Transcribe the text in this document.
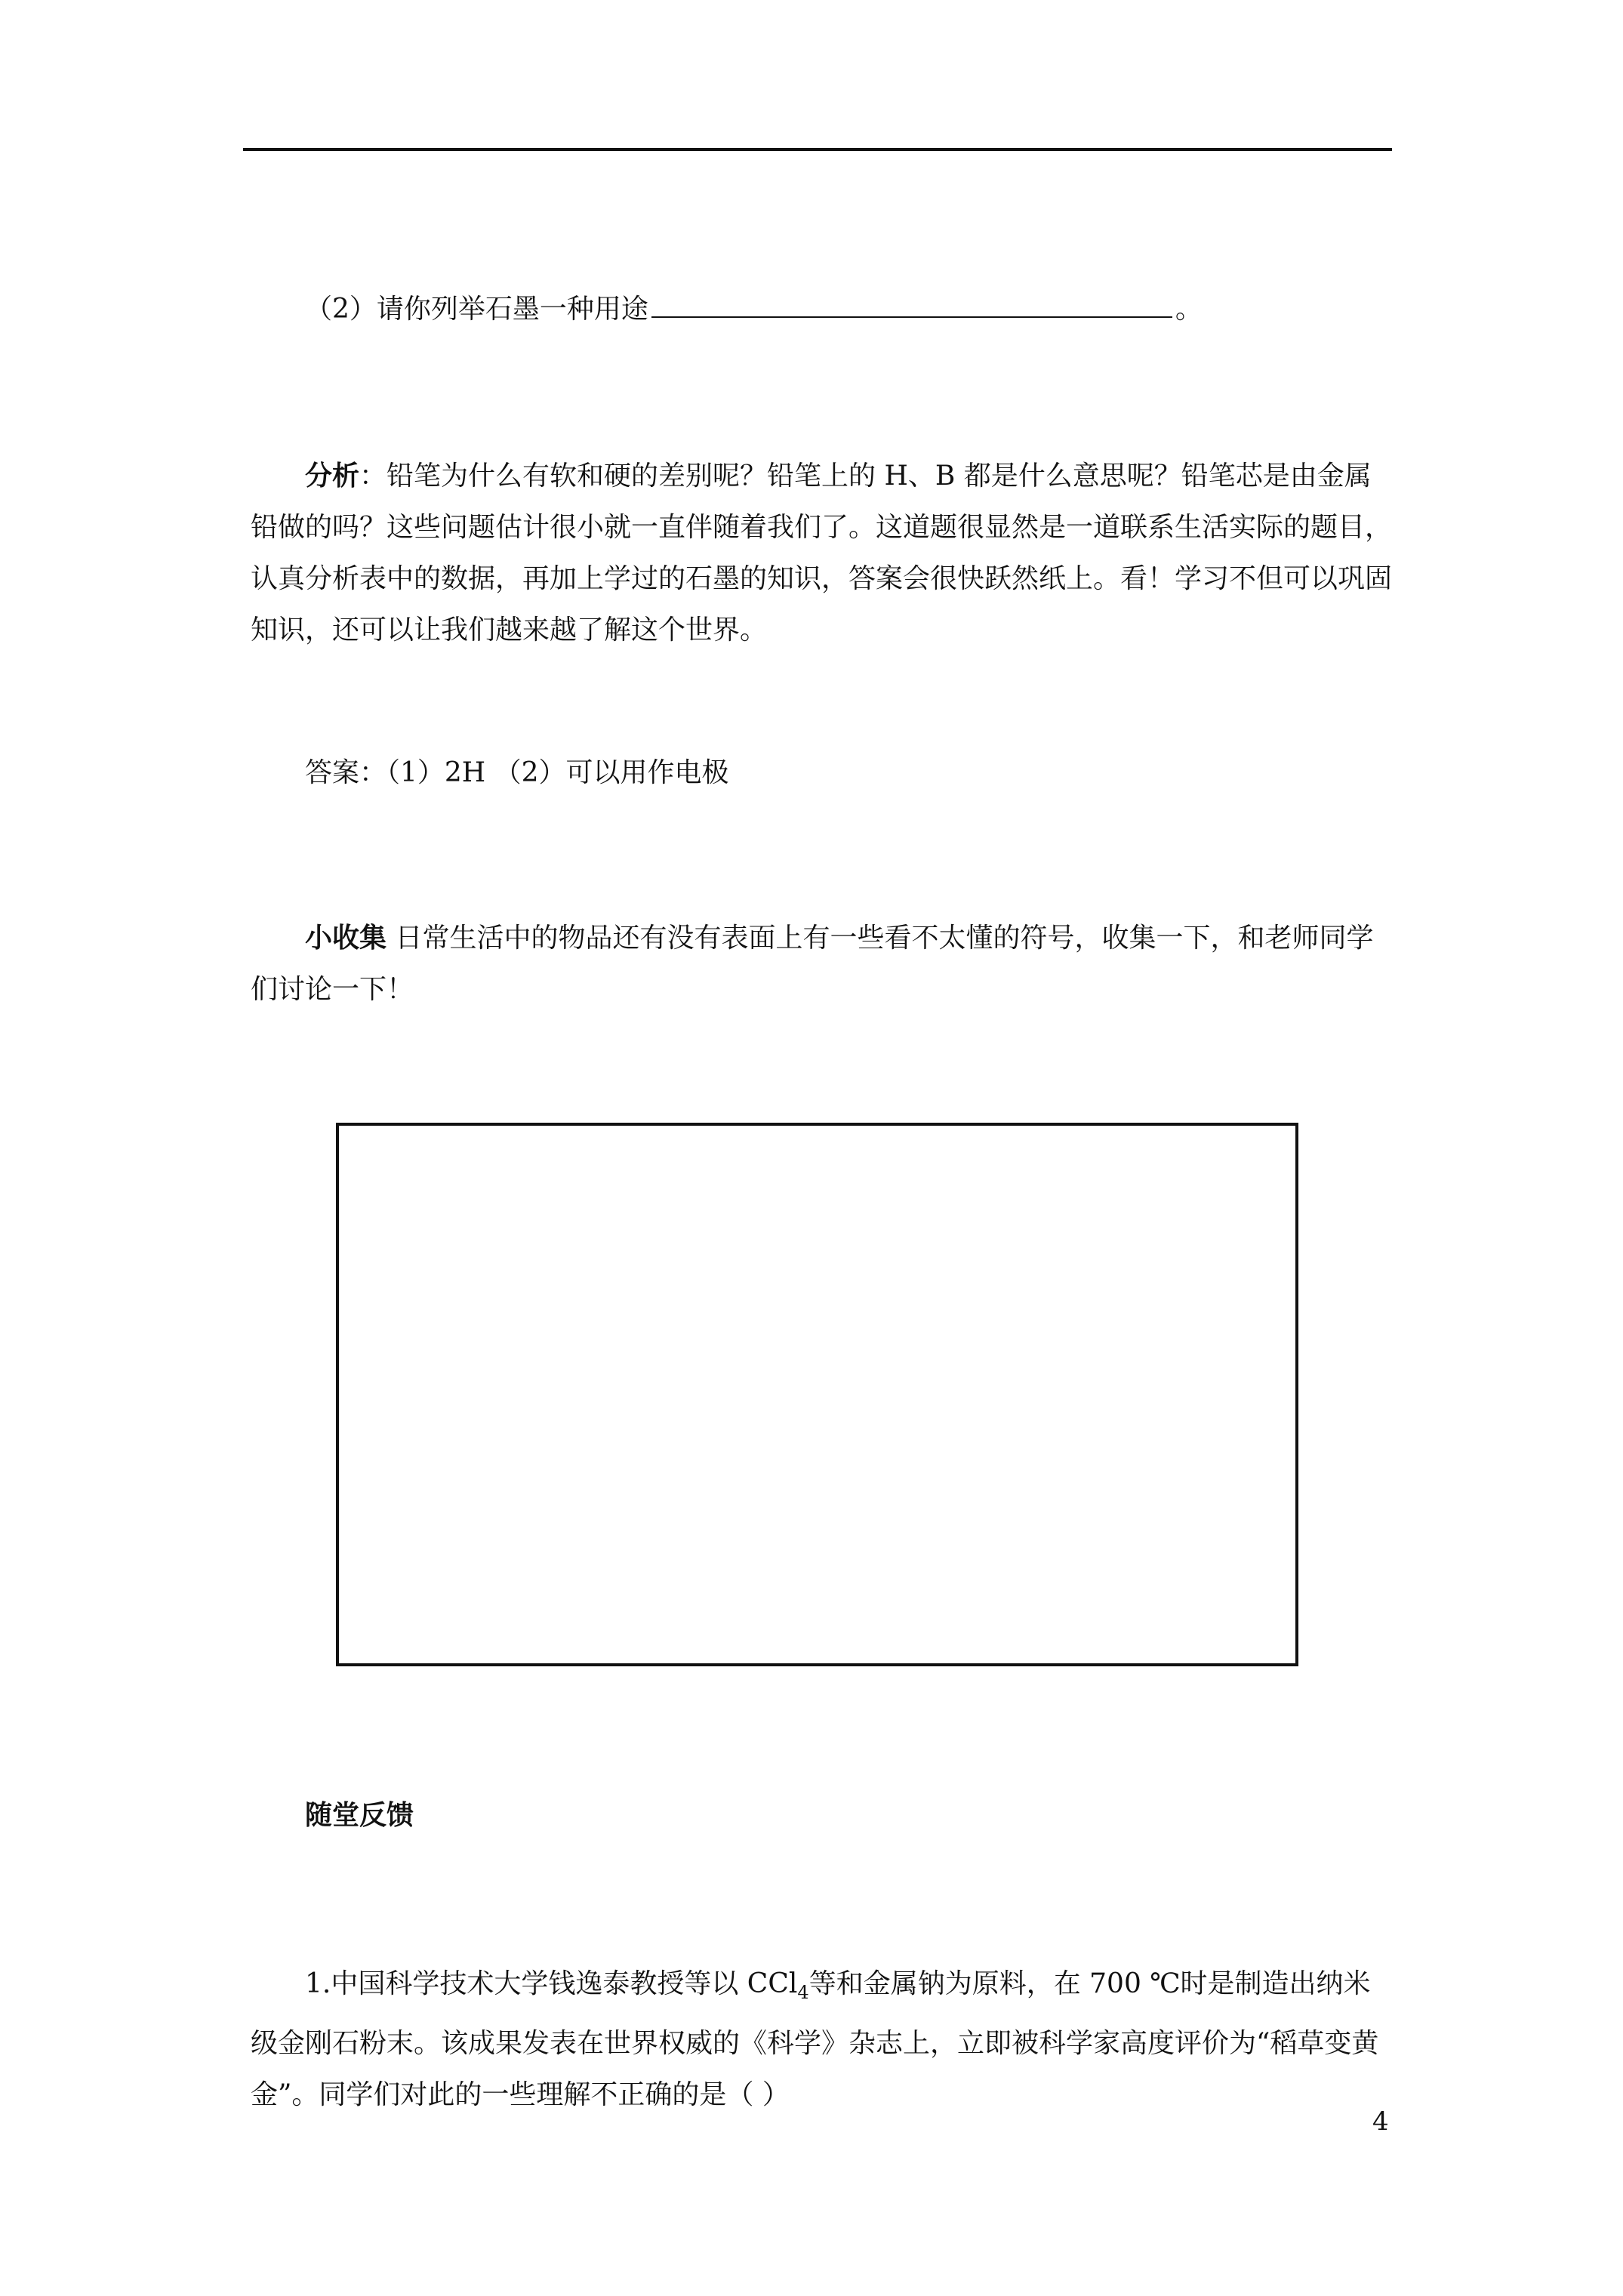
（2）请你列举石墨一种用途	。

分析：铅笔为什么有软和硬的差别呢？铅笔上的 H、B 都是什么意思呢？铅笔芯是由金属铅做的吗？这些问题估计很小就一直伴随着我们了。这道题很显然是一道联系生活实际的题目，认真分析表中的数据，再加上学过的石墨的知识，答案会很快跃然纸上。看！学习不但可以巩固知识，还可以让我们越来越了解这个世界。

答案：（1）2H （2）可以用作电极

小收集 日常生活中的物品还有没有表面上有一些看不太懂的符号，收集一下，和老师同学们讨论一下！

随堂反馈

1.中国科学技术大学钱逸泰教授等以 CCl$_4$等和金属钠为原料，在 700 ℃时是制造出纳米级金刚石粉末。该成果发表在世界权威的《科学》杂志上，立即被科学家高度评价为“稻草变黄金”。同学们对此的一些理解不正确的是（ ）

4
